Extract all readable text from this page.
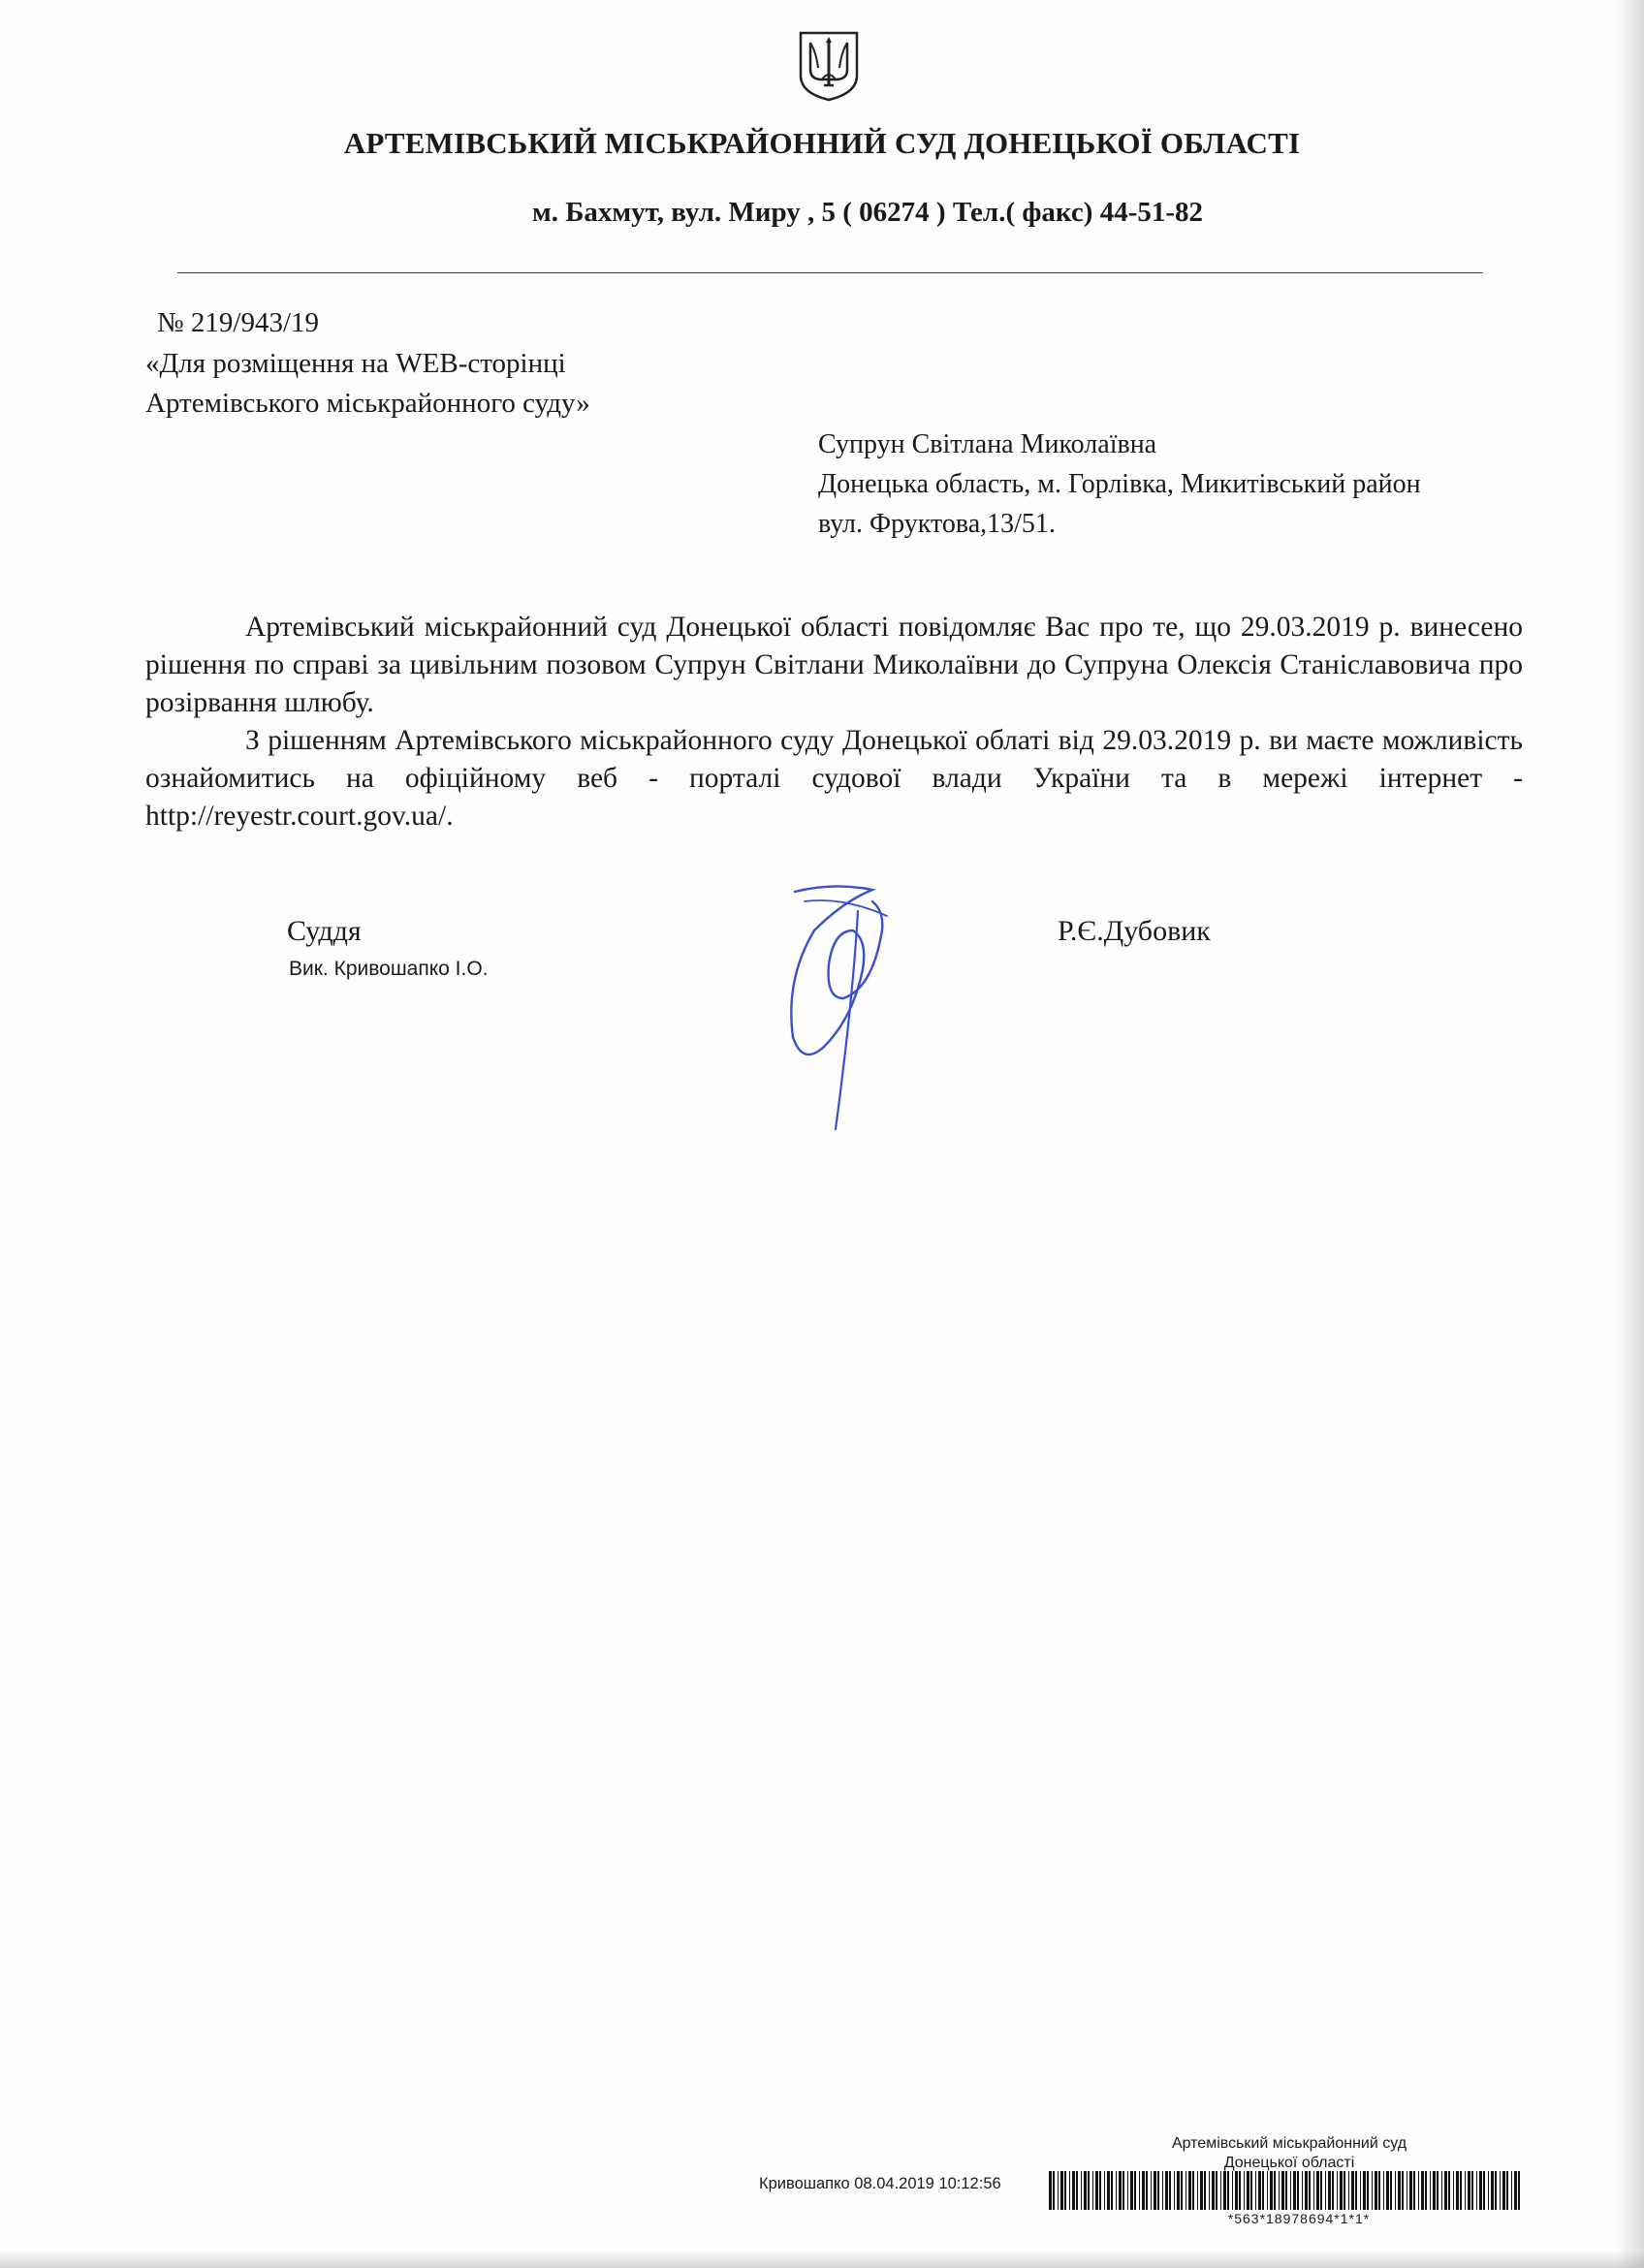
АРТЕМІВСЬКИЙ МІСЬКРАЙОННИЙ СУД ДОНЕЦЬКОЇ ОБЛАСТІ
м. Бахмут, вул. Миру , 5 ( 06274 ) Тел.( факс) 44-51-82
№ 219/943/19
«Для розміщення на WEB-сторінці
Артемівського міськрайонного суду»
Супрун Світлана Миколаївна
Донецька область, м. Горлівка, Микитівський район
вул. Фруктова,13/51.

Артемівський міськрайонний суд Донецької області повідомляє Вас про те, що 29.03.2019 р. винесено рішення по справі за цивільним позовом Супрун Світлани Миколаївни до Супруна Олексія Станіславовича про розірвання шлюбу.

З рішенням Артемівського міськрайонного суду Донецької облаті від 29.03.2019 р. ви маєте можливість ознайомитись на офіційному веб - порталі судової влади України та в мережі інтернет - http://reyestr.court.gov.ua/.

Суддя
Вик. Кривошапко І.О.
Р.Є.Дубовик
Артемівський міськрайонний суд
Донецької області
Кривошапко 08.04.2019 10:12:56
*563*18978694*1*1*
